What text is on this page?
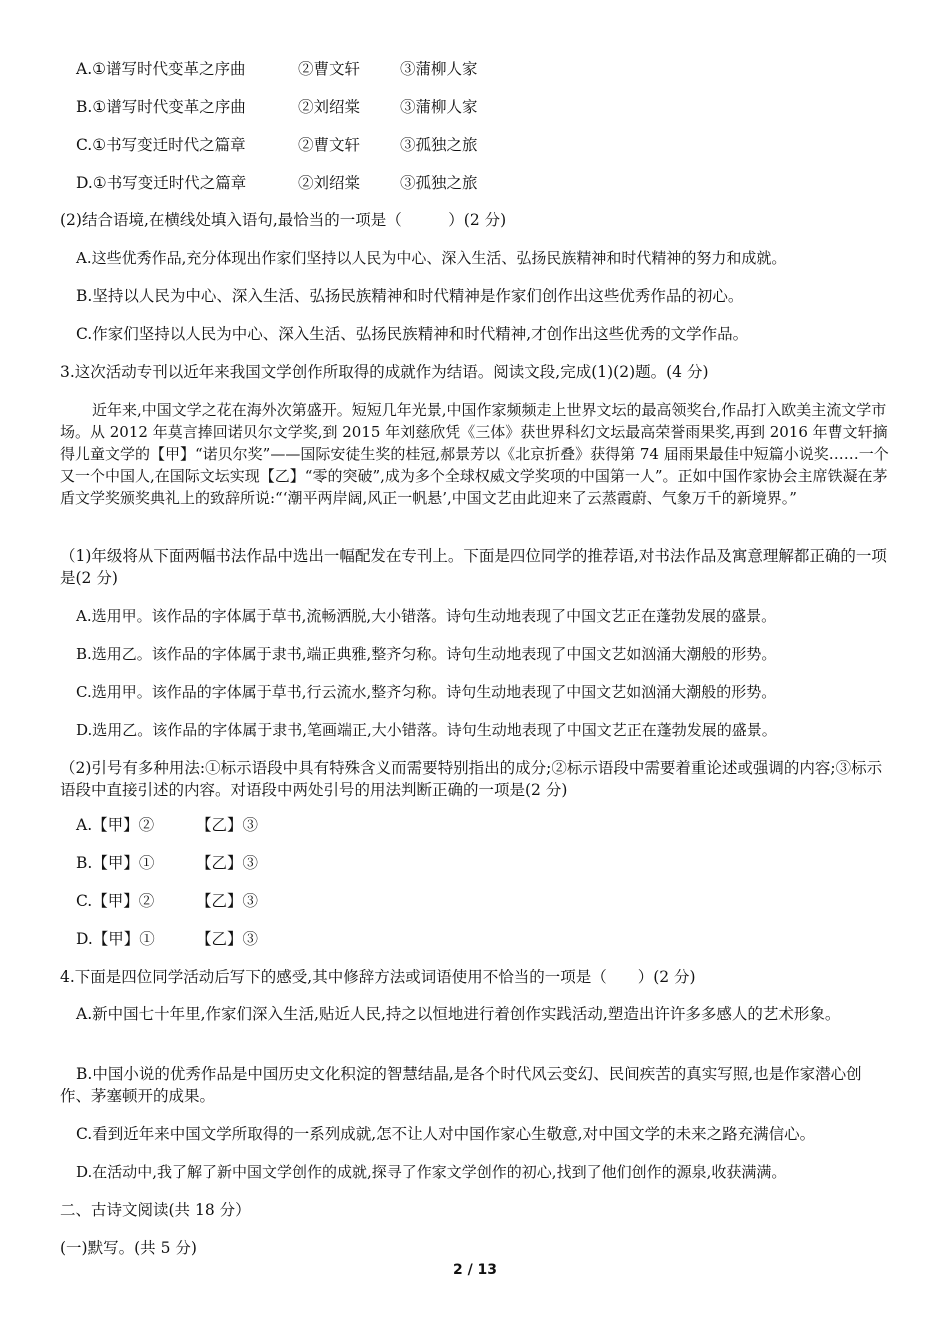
A.①谱写时代变革之序曲	②曹文轩	③蒲柳人家
B.①谱写时代变革之序曲	②刘绍棠	③蒲柳人家
C.①书写变迁时代之篇章	②曹文轩	③孤独之旅
D.①书写变迁时代之篇章	②刘绍棠	③孤独之旅
(2)结合语境,在横线处填入语句,最恰当的一项是（　　　）(2 分)
A.这些优秀作品,充分体现出作家们坚持以人民为中心、深入生活、弘扬民族精神和时代精神的努力和成就。
B.坚持以人民为中心、深入生活、弘扬民族精神和时代精神是作家们创作出这些优秀作品的初心。
C.作家们坚持以人民为中心、深入生活、弘扬民族精神和时代精神,才创作出这些优秀的文学作品。
3.这次活动专刊以近年来我国文学创作所取得的成就作为结语。阅读文段,完成(1)(2)题。(4 分)
近年来,中国文学之花在海外次第盛开。短短几年光景,中国作家频频走上世界文坛的最高领奖台,作品打入欧美主流文学市场。从 2012 年莫言捧回诺贝尔文学奖,到 2015 年刘慈欣凭《三体》获世界科幻文坛最高荣誉雨果奖,再到 2016 年曹文轩摘得儿童文学的【甲】“诺贝尔奖”——国际安徒生奖的桂冠,郝景芳以《北京折叠》获得第 74 届雨果最佳中短篇小说奖……一个又一个中国人,在国际文坛实现【乙】“零的突破”,成为多个全球权威文学奖项的中国第一人”。正如中国作家协会主席铁凝在茅盾文学奖颁奖典礼上的致辞所说:“‘潮平两岸阔,风正一帆悬’,中国文艺由此迎来了云蒸霞蔚、气象万千的新境界。”
（1)年级将从下面两幅书法作品中选出一幅配发在专刊上。下面是四位同学的推荐语,对书法作品及寓意理解都正确的一项是(2 分)
A.选用甲。该作品的字体属于草书,流畅洒脱,大小错落。诗句生动地表现了中国文艺正在蓬勃发展的盛景。
B.选用乙。该作品的字体属于隶书,端正典雅,整齐匀称。诗句生动地表现了中国文艺如汹涌大潮般的形势。
C.选用甲。该作品的字体属于草书,行云流水,整齐匀称。诗句生动地表现了中国文艺如汹涌大潮般的形势。
D.选用乙。该作品的字体属于隶书,笔画端正,大小错落。诗句生动地表现了中国文艺正在蓬勃发展的盛景。
（2)引号有多种用法:①标示语段中具有特殊含义而需要特别指出的成分;②标示语段中需要着重论述或强调的内容;③标示语段中直接引述的内容。对语段中两处引号的用法判断正确的一项是(2 分)
A.【甲】②	【乙】③
B.【甲】①	【乙】③
C.【甲】②	【乙】③
D.【甲】①	【乙】③
4.下面是四位同学活动后写下的感受,其中修辞方法或词语使用不恰当的一项是（　　）(2 分)
A.新中国七十年里,作家们深入生活,贴近人民,持之以恒地进行着创作实践活动,塑造出许许多多感人的艺术形象。
B.中国小说的优秀作品是中国历史文化积淀的智慧结晶,是各个时代风云变幻、民间疾苦的真实写照,也是作家潜心创作、茅塞顿开的成果。
C.看到近年来中国文学所取得的一系列成就,怎不让人对中国作家心生敬意,对中国文学的未来之路充满信心。
D.在活动中,我了解了新中国文学创作的成就,探寻了作家文学创作的初心,找到了他们创作的源泉,收获满满。
二、古诗文阅读(共 18 分）
(一)默写。(共 5 分)
2 / 13
